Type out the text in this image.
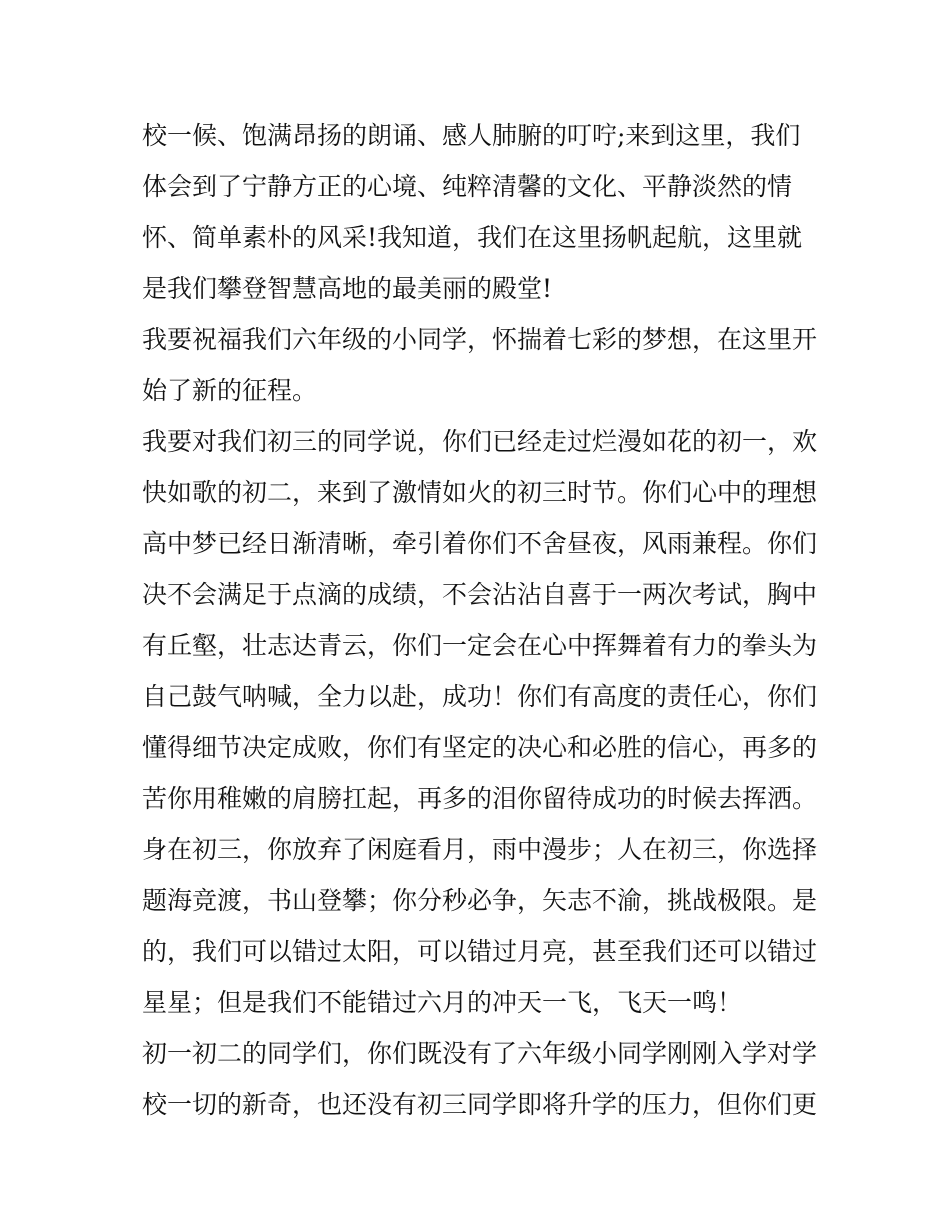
校一候、饱满昂扬的朗诵、感人肺腑的叮咛;来到这里，我们
体会到了宁静方正的心境、纯粹清馨的文化、平静淡然的情
怀、简单素朴的风采!我知道，我们在这里扬帆起航，这里就
是我们攀登智慧高地的最美丽的殿堂!
我要祝福我们六年级的小同学，怀揣着七彩的梦想，在这里开
始了新的征程。
我要对我们初三的同学说，你们已经走过烂漫如花的初一，欢
快如歌的初二，来到了激情如火的初三时节。你们心中的理想
高中梦已经日渐清晰，牵引着你们不舍昼夜，风雨兼程。你们
决不会满足于点滴的成绩，不会沾沾自喜于一两次考试，胸中
有丘壑，壮志达青云，你们一定会在心中挥舞着有力的拳头为
自己鼓气呐喊，全力以赴，成功！你们有高度的责任心，你们
懂得细节决定成败，你们有坚定的决心和必胜的信心，再多的
苦你用稚嫩的肩膀扛起，再多的泪你留待成功的时候去挥洒。
身在初三，你放弃了闲庭看月，雨中漫步；人在初三，你选择
题海竞渡，书山登攀；你分秒必争，矢志不渝，挑战极限。是
的，我们可以错过太阳，可以错过月亮，甚至我们还可以错过
星星；但是我们不能错过六月的冲天一飞，飞天一鸣！
初一初二的同学们，你们既没有了六年级小同学刚刚入学对学
校一切的新奇，也还没有初三同学即将升学的压力，但你们更
